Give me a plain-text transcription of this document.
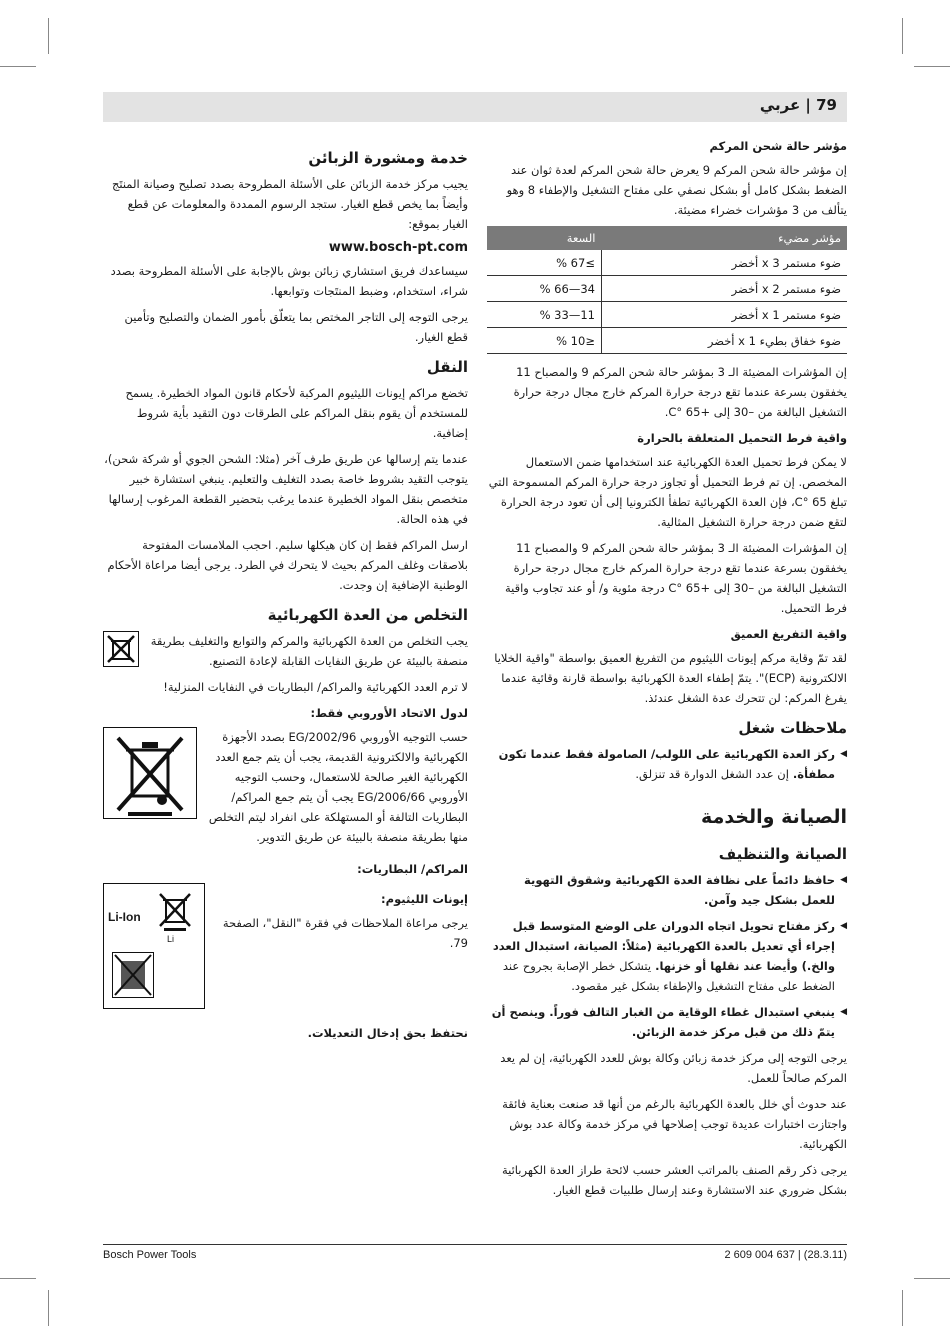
79 | عربي
مؤشر حالة شحن المركم

إن مؤشر حالة شحن المركم 9 يعرض حالة شحن المركم لعدة ثوان عند الضغط بشكل كامل أو بشكل نصفي على مفتاح التشغيل والإطفاء 8 وهو يتألف من 3 مؤشرات خضراء مضيئة.

مؤشر مضيء	السعة
ضوء مستمر x 3 أخضر	≥67 %
ضوء مستمر x 2 أخضر	34—66 %
ضوء مستمر x 1 أخضر	11—33 %
ضوء خفاق بطيء x 1 أخضر	≤10 %

إن المؤشرات المضيئة الـ 3 بمؤشر حالة شحن المركم 9 والمصباح 11 يخفقون بسرعة عندما تقع درجة حرارة المركم خارج مجال درجة حرارة التشغيل البالغة من –30 إلى +65 °C.

واقية فرط التحميل المتعلقة بالحرارة

لا يمكن فرط تحميل العدة الكهربائية عند استخدامها ضمن الاستعمال المخصص. إن تم فرط التحميل أو تجاوز درجة حرارة المركم المسموحة التي تبلغ 65 °C، فإن العدة الكهربائية تطفأ الكترونيا إلى أن تعود درجة الحرارة لتقع ضمن درجة حرارة التشغيل المثالية.

إن المؤشرات المضيئة الـ 3 بمؤشر حالة شحن المركم 9 والمصباح 11 يخفقون بسرعة عندما تقع درجة حرارة المركم خارج مجال درجة حرارة التشغيل البالغة من –30 إلى +65 °C درجة مئوية و/ أو عند تجاوب واقية فرط التحميل.

واقية التفريغ العميق

لقد تمّ وقاية مركم إيونات الليثيوم من التفريغ العميق بواسطة "واقية الخلايا الالكترونية (ECP)". يتمّ إطفاء العدة الكهربائية بواسطة قارنة وقائية عندما يفرغ المركم: لن تتحرك عدة الشغل عندئذ.

ملاحظات شغل

◀ ركز العدة الكهربائية على اللولب/ الصامولة فقط عندما تكون مطفأة. إن عدد الشغل الدوارة قد تنزلق.

الصيانة والخدمة
الصيانة والتنظيف

◀ حافظ دائماً على نظافة العدة الكهربائية وشقوق التهوية للعمل بشكل جيد وآمن.

◀ ركز مفتاح تحويل اتجاه الدوران على الوضع المتوسط قبل إجراء أي تعديل بالعدة الكهربائية (مثلاً: الصيانة، استبدال العدد والخ.) وأيضا عند نقلها أو خزنها. يتشكل خطر الإصابة بجروح عند الضغط على مفتاح التشغيل والإطفاء بشكل غير مقصود.

◀ ينبغي استبدال غطاء الوقاية من الغبار التالف فوراً. وينصح أن يتمّ ذلك من قبل مركز خدمة الزبائن.

يرجى التوجه إلى مركز خدمة زبائن وكالة بوش للعدد الكهربائية، إن لم يعد المركم صالحاً للعمل.

عند حدوث أي خلل بالعدة الكهربائية بالرغم من أنها قد صنعت بعناية فائقة واجتازت اختبارات عديدة توجب إصلاحها في مركز خدمة وكالة عدد بوش الكهربائية.

يرجى ذكر رقم الصنف بالمراتب العشر حسب لائحة طراز العدة الكهربائية بشكل ضروري عند الاستشارة وعند إرسال طلبيات قطع الغيار.

خدمة ومشورة الزبائن

يجيب مركز خدمة الزبائن على الأسئلة المطروحة بصدد تصليح وصيانة المنتَج وأيضاً بما يخص قطع الغيار. ستجد الرسوم الممددة والمعلومات عن قطع الغيار بموقع:

www.bosch-pt.com

سيساعدك فريق استشاري زبائن بوش بالإجابة على الأسئلة المطروحة بصدد شراء، استخدام، وضبط المنتَجات وتوابعها.

يرجى التوجه إلى التاجر المختص بما يتعلّق بأمور الضمان والتصليح وتأمين قطع الغيار.

النقل

تخضع مراكم إيونات الليثيوم المركبة لأحكام قانون المواد الخطيرة. يسمح للمستخدم أن يقوم بنقل المراكم على الطرقات دون التقيد بأية شروط إضافية.

عندما يتم إرسالها عن طريق طرف آخر (مثلا: الشحن الجوي أو شركة شحن)، يتوجب التقيد بشروط خاصة بصدد التغليف والتعليم. ينبغي استشارة خبير متخصص بنقل المواد الخطيرة عندما يرغب بتحضير القطعة المرغوب إرسالها في هذه الحالة.

ارسل المراكم فقط إن كان هيكلها سليم. احجب الملامسات المفتوحة بلاصقات وغلف المركم بحيث لا يتحرك في الطرد. يرجى أيضا مراعاة الأحكام الوطنية الإضافية إن وجدت.

التخلص من العدة الكهربائية

يجب التخلص من العدة الكهربائية والمركم والتوابع والتغليف بطريقة منصفة بالبيئة عن طريق النفايات القابلة لإعادة التصنيع.

لا ترم العدد الكهربائية والمراكم/ البطاريات في النفايات المنزلية!

لدول الاتحاد الأوروبي فقط:

حسب التوجيه الأوروبي 2002/96/EG بصدد الأجهزة الكهربائية والالكترونية القديمة، يجب أن يتم جمع العدد الكهربائية الغير صالحة للاستعمال، وحسب التوجيه الأوروبي 2006/66/EG يجب أن يتم جمع المراكم/ البطاريات التالفة أو المستهلكة على انفراد ليتم التخلص منها بطريقة منصفة بالبيئة عن طريق التدوير.

المراكم/ البطاريات:
إيونات الليثيوم:

يرجى مراعاة الملاحظات في فقرة "النقل"، الصفحة 79.

Li-Ion
Li

نحتفظ بحق إدخال التعديلات.

Bosch Power Tools	2 609 004 637 | (28.3.11)
